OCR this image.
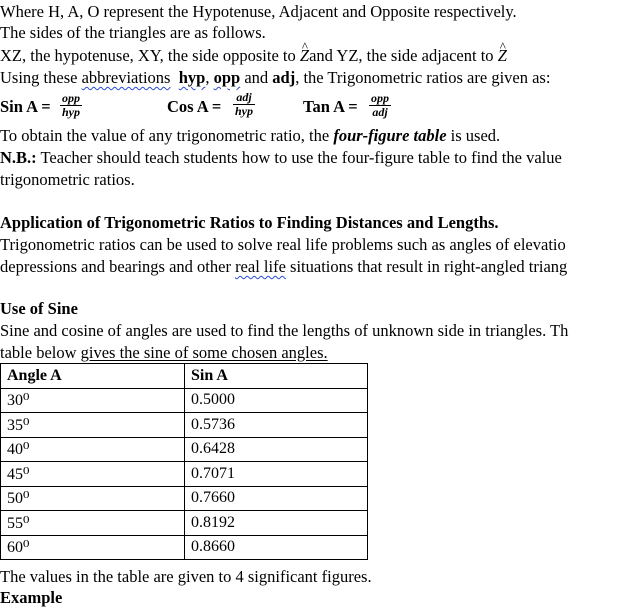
Where H, A, O represent the Hypotenuse, Adjacent and Opposite respectively.
The sides of the triangles are as follows.
XZ, the hypotenuse, XY, the side opposite to ^ Zand YZ, the side adjacent to ^ Z
Using these abbreviations hyp, opp and adj, the Trigonometric ratios are given as:
Sin A = opp
hyp	Cos A = adj
hyp	Tan A = opp
adj
To obtain the value of any trigonometric ratio, the four-figure table is used.
N.B.: Teacher should teach students how to use the four-figure table to find the value
trigonometric ratios.
Application of Trigonometric Ratios to Finding Distances and Lengths.
Trigonometric ratios can be used to solve real life problems such as angles of elevatio
depressions and bearings and other real life situations that result in right-angled triang
Use of Sine
Sine and cosine of angles are used to find the lengths of unknown side in triangles. Th
table below gives the sine of some chosen angles.
Angle A	Sin A
30⁰	0.5000
35⁰	0.5736
40⁰	0.6428
45⁰	0.7071
50⁰	0.7660
55⁰	0.8192
60⁰	0.8660
The values in the table are given to 4 significant figures.
Example
